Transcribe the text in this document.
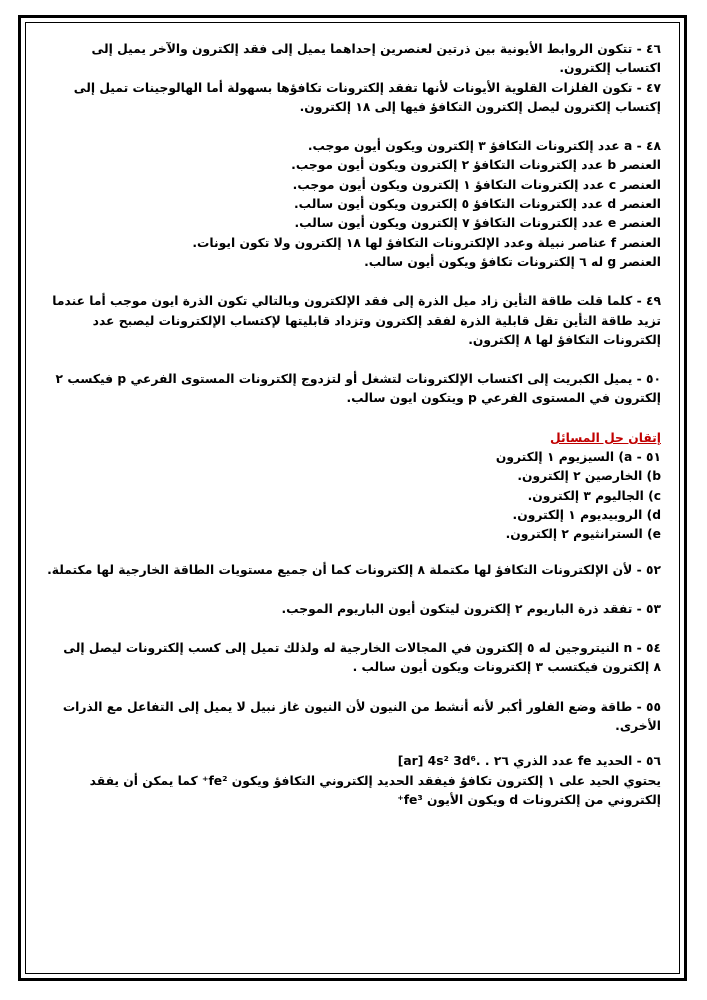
٤٦ - تتكون الروابط الأيونية بين ذرتين لعنصرين إحداهما يميل إلى فقد إلكترون والآخر يميل إلى

اكتساب إلكترون.

٤٧ - تكون الفلزات القلوية الأيونات لأنها تفقد إلكترونات تكافؤها بسهولة أما الهالوجينات تميل إلى

إكتساب إلكترون ليصل إلكترون التكافؤ فيها إلى ١٨ إلكترون.

٤٨ - a عدد إلكترونات التكافؤ ٣ إلكترون ويكون أيون موجب.

العنصر b عدد إلكترونات التكافؤ ٢ إلكترون ويكون أيون موجب.

العنصر c عدد إلكترونات التكافؤ ١ إلكترون ويكون أيون موجب.

العنصر d عدد إلكترونات التكافؤ ٥ إلكترون ويكون أيون سالب.

العنصر e عدد إلكترونات التكافؤ ٧ إلكترون ويكون أيون سالب.

العنصر f عناصر نبيلة وعدد الإلكترونات التكافؤ لها ١٨ إلكترون ولا تكون ايونات.

العنصر g له ٦ إلكترونات تكافؤ ويكون أيون سالب.

٤٩ - كلما قلت طاقة التأين زاد ميل الذرة إلى فقد الإلكترون وبالتالي تكون الذرة ايون موجب أما عندما

تزيد طاقة التأين تقل قابلية الذرة لفقد إلكترون وتزداد قابليتها لإكتساب الإلكترونات ليصبح عدد

إلكترونات التكافؤ لها ٨ إلكترون.

٥٠ - يميل الكبريت إلى اكتساب الإلكترونات لتشغل أو لتزدوج إلكترونات المستوى الفرعي p فيكسب ٢

إلكترون في المستوى الفرعي p ويتكون ايون سالب.

إتقان حل المسائل

٥١ - a) السيزيوم ١ إلكترون

b) الخارصين ٢ إلكترون.

c) الجاليوم ٣ إلكترون.

d) الروبيديوم ١ إلكترون.

e) السترانثيوم ٢ إلكترون.

٥٢ - لأن الإلكترونات التكافؤ لها مكتملة ٨ إلكترونات كما أن جميع مستويات الطاقة الخارجية لها مكتملة.

٥٣ - تفقد ذرة الباريوم ٢ إلكترون ليتكون أيون الباريوم الموجب.

٥٤ - n النيتروجين له ٥ إلكترون في المجالات الخارجية له ولذلك تميل إلى كسب إلكترونات ليصل إلى

٨ إلكترون فيكتسب ٣ إلكترونات ويكون أيون سالب .

٥٥ - طاقة وضع الفلور أكبر لأنه أنشط من النيون لأن النيون غاز نبيل لا يميل إلى التفاعل مع الذرات

الأخرى.

٥٦ - الحديد fe عدد الذري ٢٦ . [ar] 4s² 3d⁶.

يحتوي الحيد على ١ إلكترون تكافؤ فيفقد الحديد إلكتروني التكافؤ ويكون fe²⁺ كما يمكن أن يفقد

إلكتروني من إلكترونات d ويكون الأيون fe³⁺
